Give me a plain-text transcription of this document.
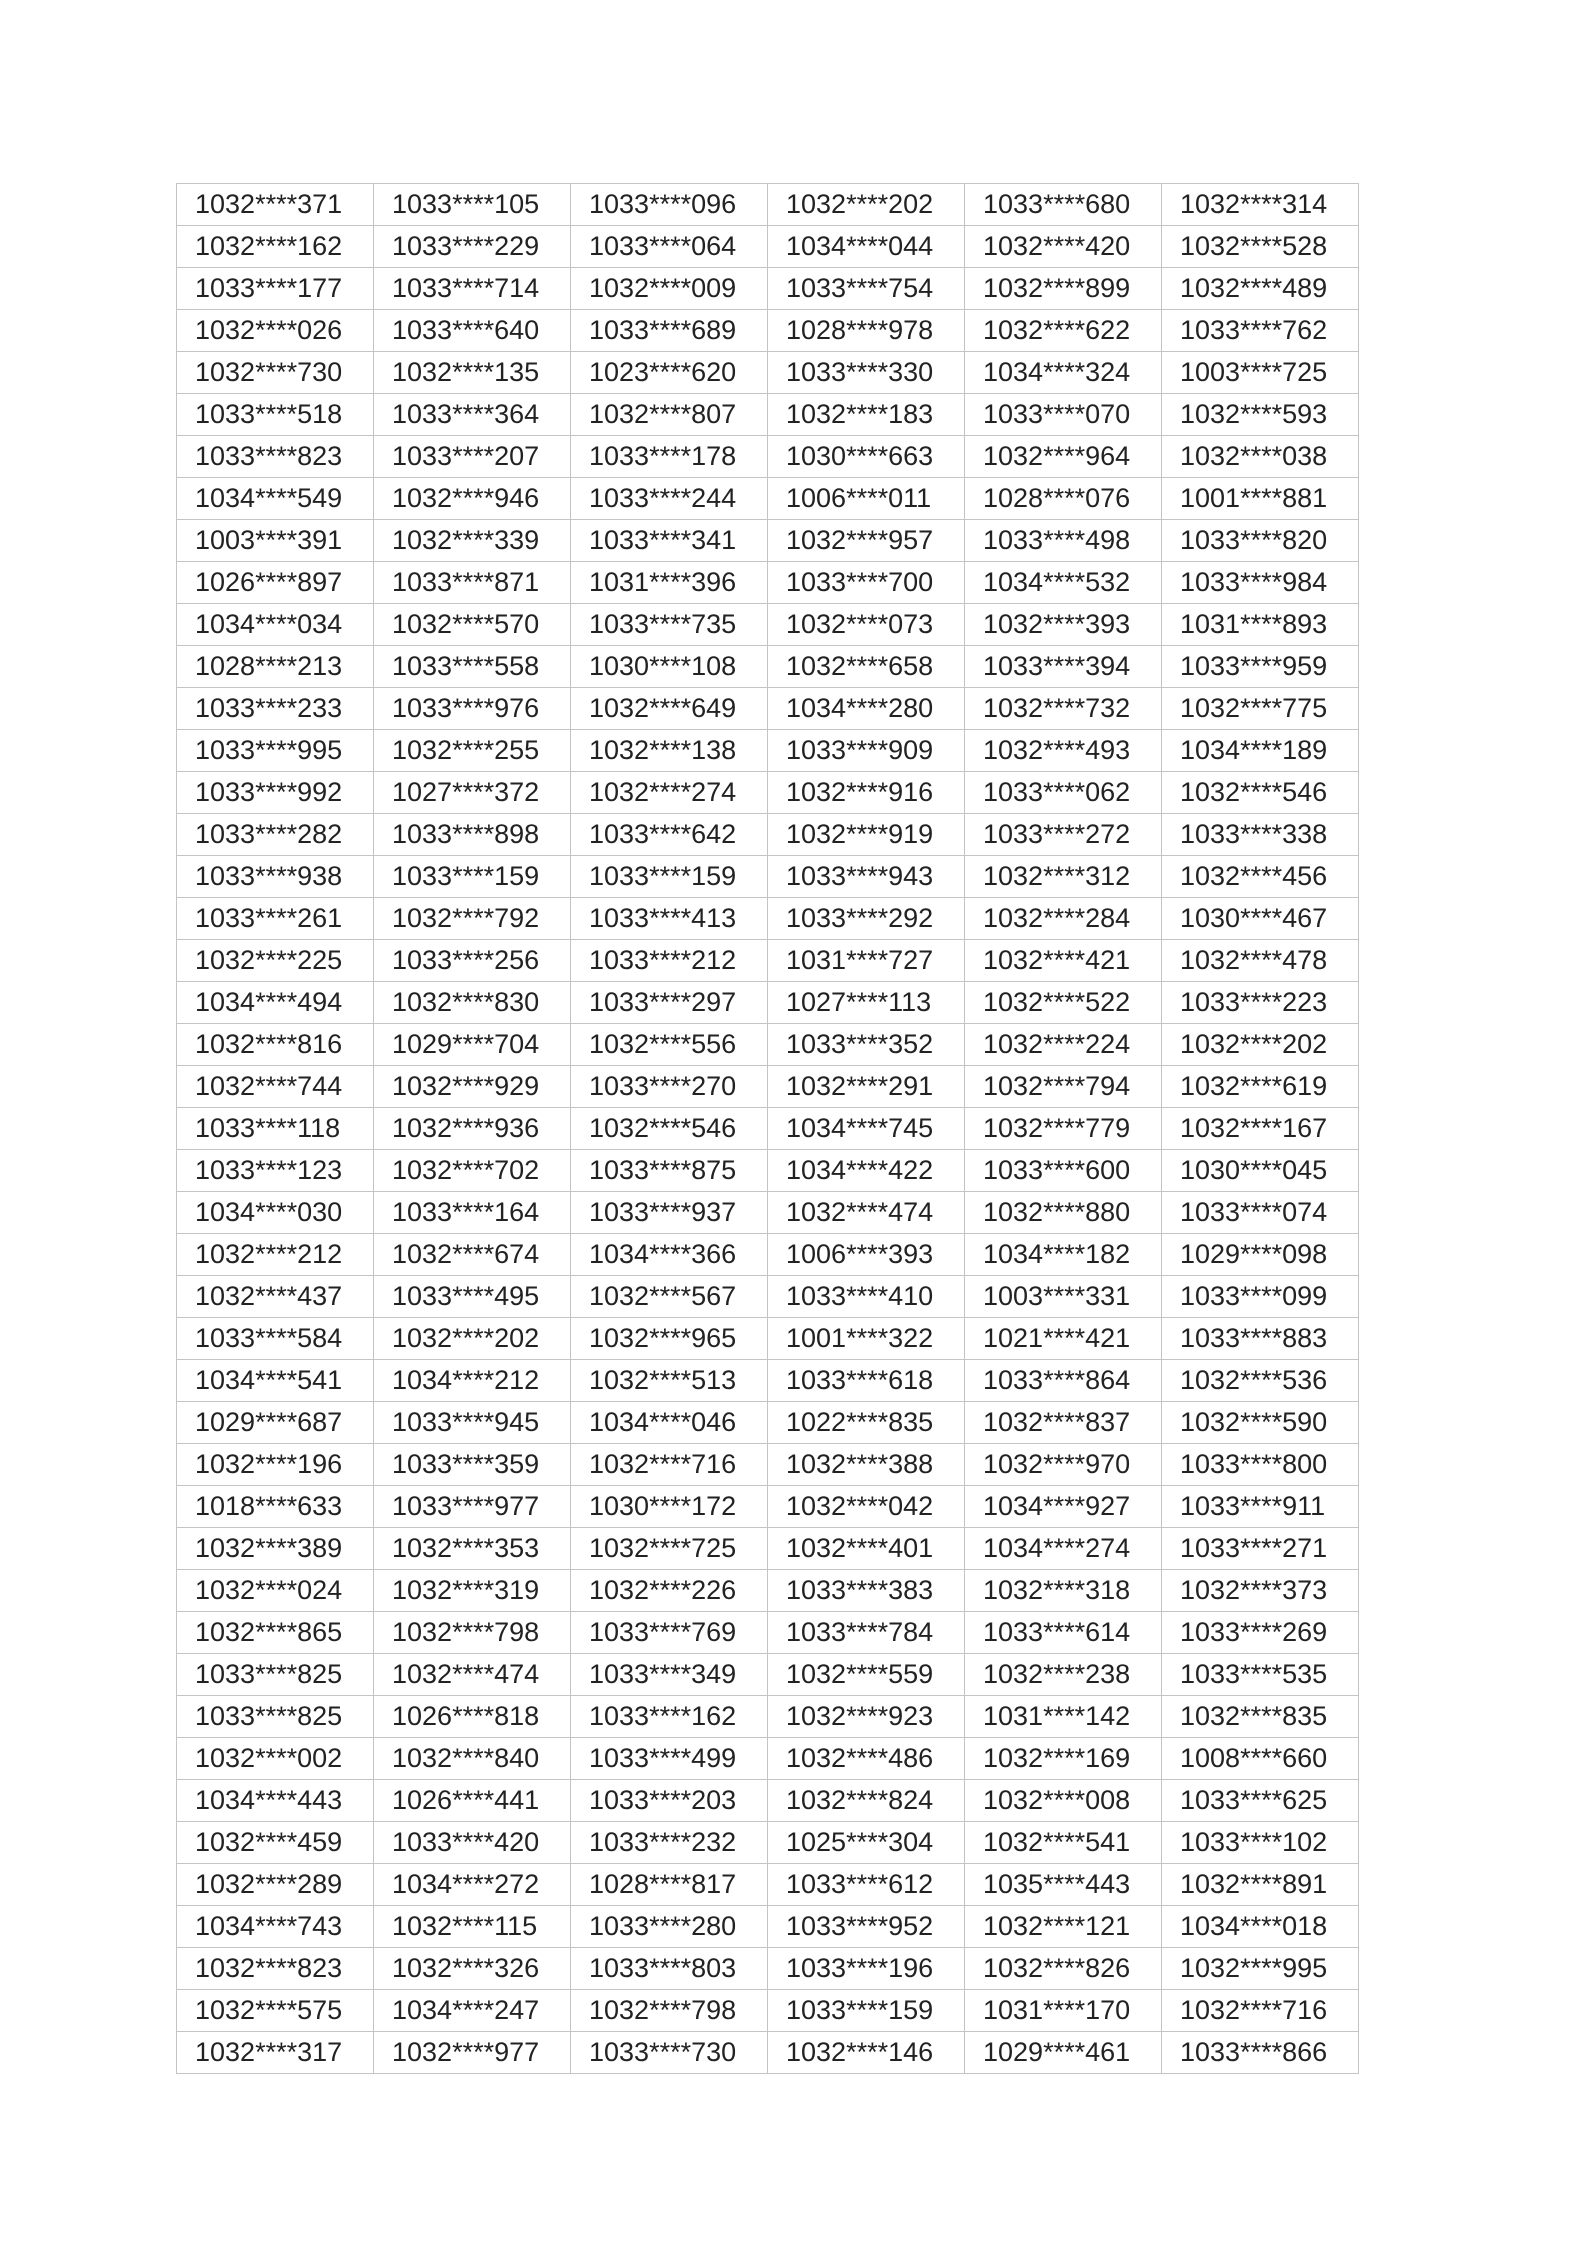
1032****371	1033****105	1033****096	1032****202	1033****680	1032****314
1032****162	1033****229	1033****064	1034****044	1032****420	1032****528
1033****177	1033****714	1032****009	1033****754	1032****899	1032****489
1032****026	1033****640	1033****689	1028****978	1032****622	1033****762
1032****730	1032****135	1023****620	1033****330	1034****324	1003****725
1033****518	1033****364	1032****807	1032****183	1033****070	1032****593
1033****823	1033****207	1033****178	1030****663	1032****964	1032****038
1034****549	1032****946	1033****244	1006****011	1028****076	1001****881
1003****391	1032****339	1033****341	1032****957	1033****498	1033****820
1026****897	1033****871	1031****396	1033****700	1034****532	1033****984
1034****034	1032****570	1033****735	1032****073	1032****393	1031****893
1028****213	1033****558	1030****108	1032****658	1033****394	1033****959
1033****233	1033****976	1032****649	1034****280	1032****732	1032****775
1033****995	1032****255	1032****138	1033****909	1032****493	1034****189
1033****992	1027****372	1032****274	1032****916	1033****062	1032****546
1033****282	1033****898	1033****642	1032****919	1033****272	1033****338
1033****938	1033****159	1033****159	1033****943	1032****312	1032****456
1033****261	1032****792	1033****413	1033****292	1032****284	1030****467
1032****225	1033****256	1033****212	1031****727	1032****421	1032****478
1034****494	1032****830	1033****297	1027****113	1032****522	1033****223
1032****816	1029****704	1032****556	1033****352	1032****224	1032****202
1032****744	1032****929	1033****270	1032****291	1032****794	1032****619
1033****118	1032****936	1032****546	1034****745	1032****779	1032****167
1033****123	1032****702	1033****875	1034****422	1033****600	1030****045
1034****030	1033****164	1033****937	1032****474	1032****880	1033****074
1032****212	1032****674	1034****366	1006****393	1034****182	1029****098
1032****437	1033****495	1032****567	1033****410	1003****331	1033****099
1033****584	1032****202	1032****965	1001****322	1021****421	1033****883
1034****541	1034****212	1032****513	1033****618	1033****864	1032****536
1029****687	1033****945	1034****046	1022****835	1032****837	1032****590
1032****196	1033****359	1032****716	1032****388	1032****970	1033****800
1018****633	1033****977	1030****172	1032****042	1034****927	1033****911
1032****389	1032****353	1032****725	1032****401	1034****274	1033****271
1032****024	1032****319	1032****226	1033****383	1032****318	1032****373
1032****865	1032****798	1033****769	1033****784	1033****614	1033****269
1033****825	1032****474	1033****349	1032****559	1032****238	1033****535
1033****825	1026****818	1033****162	1032****923	1031****142	1032****835
1032****002	1032****840	1033****499	1032****486	1032****169	1008****660
1034****443	1026****441	1033****203	1032****824	1032****008	1033****625
1032****459	1033****420	1033****232	1025****304	1032****541	1033****102
1032****289	1034****272	1028****817	1033****612	1035****443	1032****891
1034****743	1032****115	1033****280	1033****952	1032****121	1034****018
1032****823	1032****326	1033****803	1033****196	1032****826	1032****995
1032****575	1034****247	1032****798	1033****159	1031****170	1032****716
1032****317	1032****977	1033****730	1032****146	1029****461	1033****866
